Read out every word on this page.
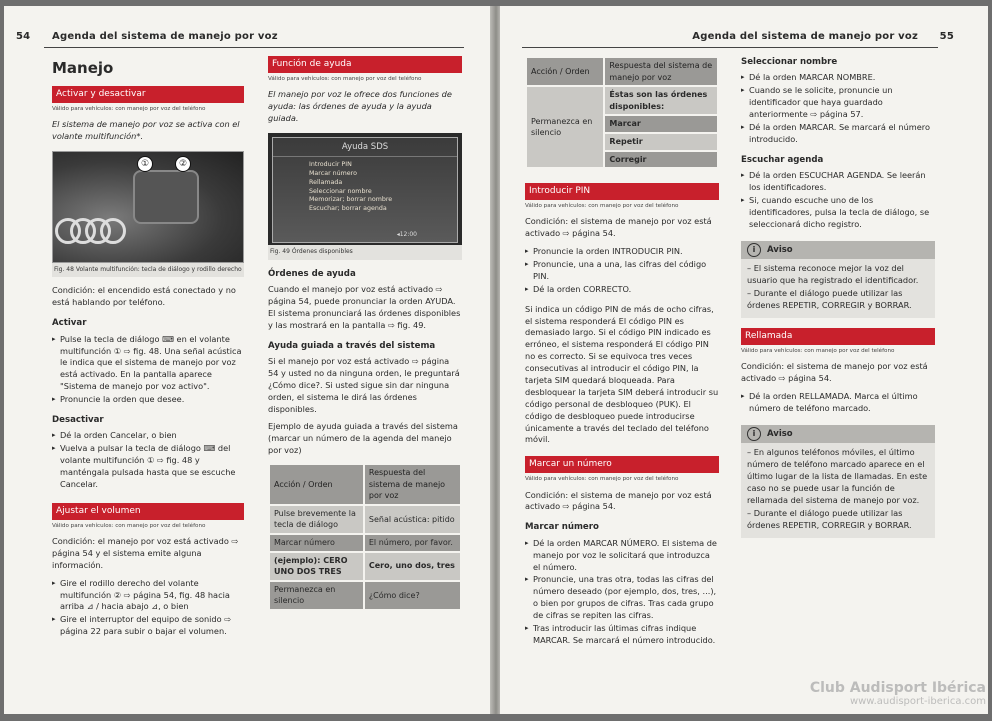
54 Agenda del sistema de manejo por voz	Agenda del sistema de manejo por voz 55
Manejo
Activar y desactivar
Válido para vehículos: con manejo por voz del teléfono

El sistema de manejo por voz se activa con el volante multifunción*.

①	②
Fig. 48 Volante multifunción: tecla de diálogo y rodillo derecho

Condición: el encendido está conectado y no está hablando por teléfono.

Activar
▸ Pulse la tecla de diálogo ⌨ en el volante multifunción ① ⇨ fig. 48. Una señal acústica le indica que el sistema de manejo por voz está activado. En la pantalla aparece "Sistema de manejo por voz activo".
▸ Pronuncie la orden que desee.
Desactivar
▸ Dé la orden Cancelar, o bien
▸ Vuelva a pulsar la tecla de diálogo ⌨ del volante multifunción ① ⇨ fig. 48 y manténgala pulsada hasta que se escuche Cancelar.
Ajustar el volumen
Válido para vehículos: con manejo por voz del teléfono

Condición: el manejo por voz está activado ⇨ página 54 y el sistema emite alguna información.

▸ Gire el rodillo derecho del volante multifunción ② ⇨ página 54, fig. 48 hacia arriba ⊿ / hacia abajo ⊿, o bien
▸ Gire el interruptor del equipo de sonido ⇨ página 22 para subir o bajar el volumen.
Función de ayuda
Válido para vehículos: con manejo por voz del teléfono

El manejo por voz le ofrece dos funciones de ayuda: las órdenes de ayuda y la ayuda guiada.

Ayuda SDS
Introducir PIN
Marcar número
Rellamada
Seleccionar nombre
Memorizar; borrar nombre
Escuchar; borrar agenda
◂12:00
Fig. 49 Órdenes disponibles
Órdenes de ayuda

Cuando el manejo por voz está activado ⇨ página 54, puede pronunciar la orden AYUDA. El sistema pronunciará las órdenes disponibles y las mostrará en la pantalla ⇨ fig. 49.

Ayuda guiada a través del sistema

Si el manejo por voz está activado ⇨ página 54 y usted no da ninguna orden, le preguntará ¿Cómo dice?. Si usted sigue sin dar ninguna orden, el sistema le dirá las órdenes disponibles.

Ejemplo de ayuda guiada a través del sistema (marcar un número de la agenda del manejo por voz)

Acción / Orden	Respuesta del sistema de manejo por voz
Pulse brevemente la tecla de diálogo	Señal acústica: pitido
Marcar número	El número, por favor.
(ejemplo): CERO UNO DOS TRES	Cero, uno dos, tres
Permanezca en silencio	¿Cómo dice?
Acción / Orden	Respuesta del sistema de manejo por voz
Permanezca en silencio	Éstas son las órdenes disponibles:
	Marcar
	Repetir
	Corregir
Introducir PIN
Válido para vehículos: con manejo por voz del teléfono

Condición: el sistema de manejo por voz está activado ⇨ página 54.

▸ Pronuncie la orden INTRODUCIR PIN.
▸ Pronuncie, una a una, las cifras del código PIN.
▸ Dé la orden CORRECTO.

Si indica un código PIN de más de ocho cifras, el sistema responderá El código PIN es demasiado largo. Si el código PIN indicado es erróneo, el sistema responderá El código PIN no es correcto. Si se equivoca tres veces consecutivas al introducir el código PIN, la tarjeta SIM quedará bloqueada. Para desbloquear la tarjeta SIM deberá introducir su código personal de desbloqueo (PUK). El código de desbloqueo puede introducirse únicamente a través del teclado del teléfono móvil.

Marcar un número
Válido para vehículos: con manejo por voz del teléfono

Condición: el sistema de manejo por voz está activado ⇨ página 54.

Marcar número
▸ Dé la orden MARCAR NÚMERO. El sistema de manejo por voz le solicitará que introduzca el número.
▸ Pronuncie, una tras otra, todas las cifras del número deseado (por ejemplo, dos, tres, ...), o bien por grupos de cifras. Tras cada grupo de cifras se repiten las cifras.
▸ Tras introducir las últimas cifras indique MARCAR. Se marcará el número introducido.
Seleccionar nombre
▸ Dé la orden MARCAR NOMBRE.
▸ Cuando se le solicite, pronuncie un identificador que haya guardado anteriormente ⇨ página 57.
▸ Dé la orden MARCAR. Se marcará el número introducido.
Escuchar agenda
▸ Dé la orden ESCUCHAR AGENDA. Se leerán los identificadores.
▸ Si, cuando escuche uno de los identificadores, pulsa la tecla de diálogo, se seleccionará dicho registro.
i Aviso
– El sistema reconoce mejor la voz del usuario que ha registrado el identificador.
– Durante el diálogo puede utilizar las órdenes REPETIR, CORREGIR y BORRAR.
Rellamada
Válido para vehículos: con manejo por voz del teléfono

Condición: el sistema de manejo por voz está activado ⇨ página 54.

▸ Dé la orden RELLAMADA. Marca el último número de teléfono marcado.
i Aviso
– En algunos teléfonos móviles, el último número de teléfono marcado aparece en el último lugar de la lista de llamadas. En este caso no se puede usar la función de rellamada del sistema de manejo por voz.
– Durante el diálogo puede utilizar las órdenes REPETIR, CORREGIR y BORRAR.
Club Audisport Ibérica
www.audisport-iberica.com
